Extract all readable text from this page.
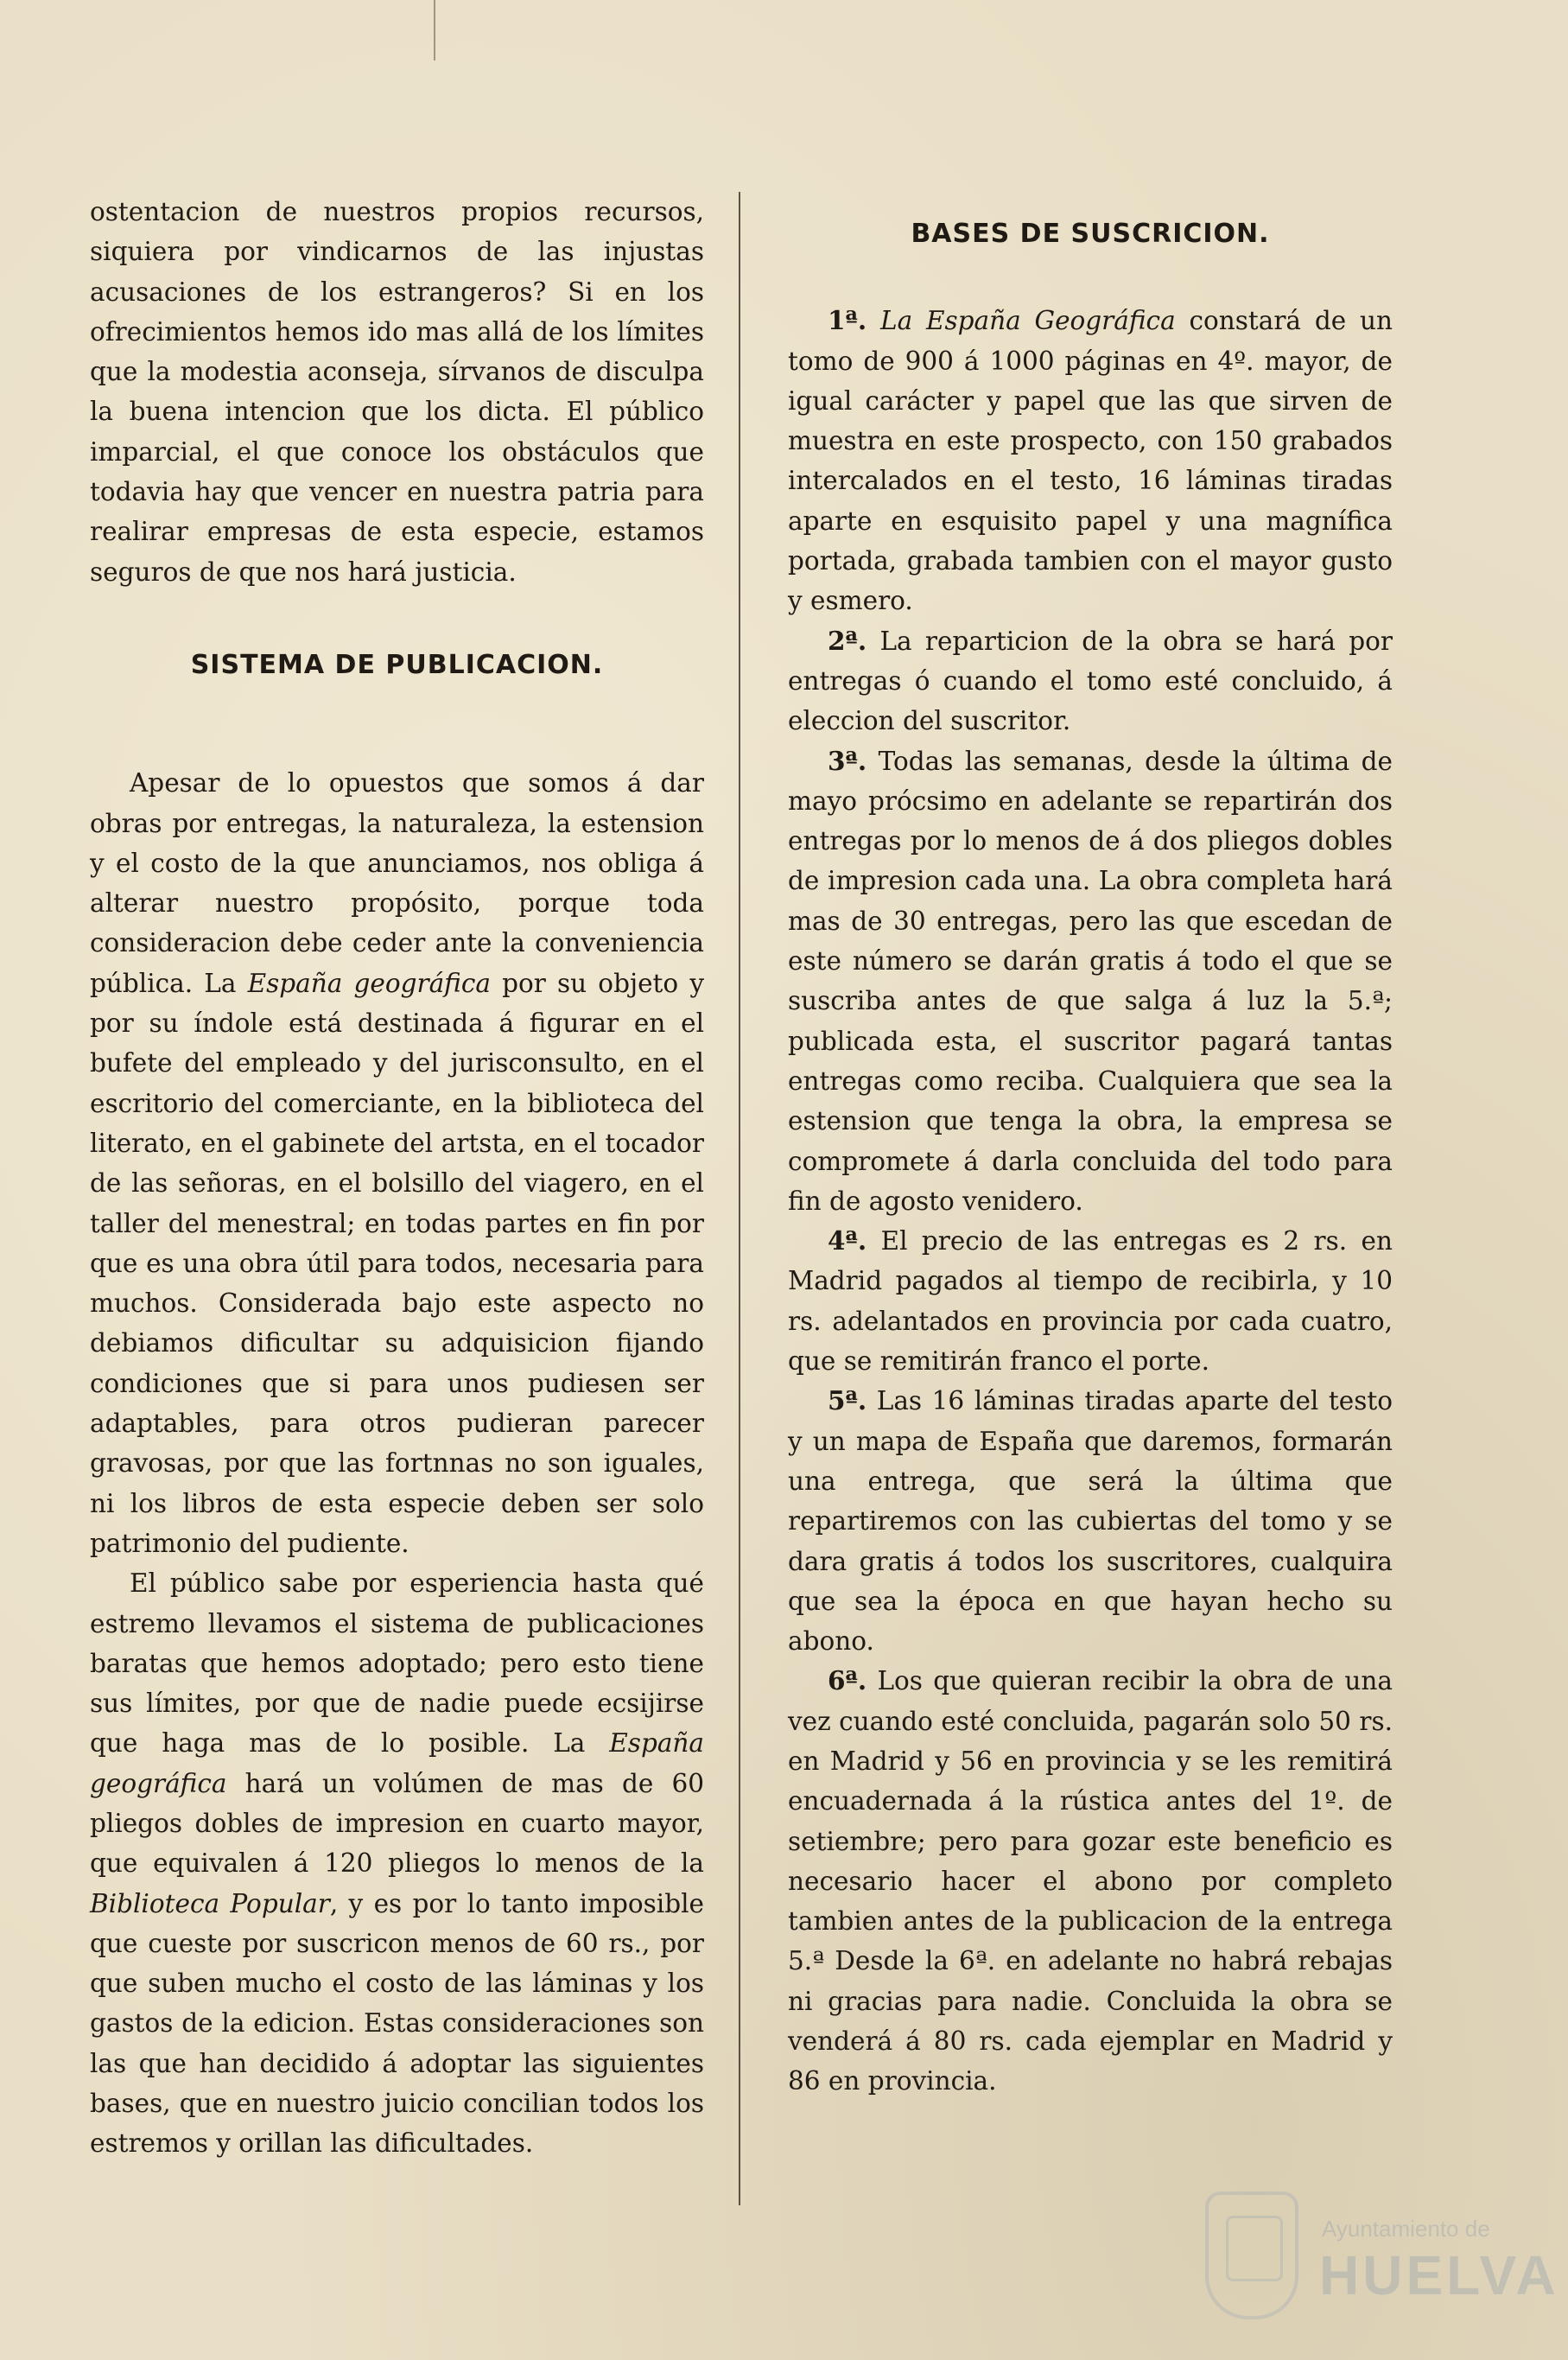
ostentacion de nuestros propios recursos, siquiera por vindicarnos de las injustas acusaciones de los estrangeros? Si en los ofrecimientos hemos ido mas allá de los límites que la modestia aconseja, sírvanos de disculpa la buena intencion que los dicta. El público imparcial, el que conoce los obstáculos que todavia hay que vencer en nuestra patria para realirar empresas de esta especie, estamos seguros de que nos hará justicia.

SISTEMA DE PUBLICACION.

Apesar de lo opuestos que somos á dar obras por entregas, la naturaleza, la estension y el costo de la que anunciamos, nos obliga á alterar nuestro propósito, porque toda consideracion debe ceder ante la conveniencia pública. La España geográfica por su objeto y por su índole está destinada á figurar en el bufete del empleado y del jurisconsulto, en el escritorio del comerciante, en la biblioteca del literato, en el gabinete del artsta, en el tocador de las señoras, en el bolsillo del viagero, en el taller del menestral; en todas partes en fin por que es una obra útil para todos, necesaria para muchos. Considerada bajo este aspecto no debiamos dificultar su adquisicion fijando condiciones que si para unos pudiesen ser adaptables, para otros pudieran parecer gravosas, por que las fortnnas no son iguales, ni los libros de esta especie deben ser solo patrimonio del pudiente.

El público sabe por esperiencia hasta qué estremo llevamos el sistema de publicaciones baratas que hemos adoptado; pero esto tiene sus límites, por que de nadie puede ecsijirse que haga mas de lo posible. La España geográfica hará un volúmen de mas de 60 pliegos dobles de impresion en cuarto mayor, que equivalen á 120 pliegos lo menos de la Biblioteca Popular, y es por lo tanto imposible que cueste por suscricon menos de 60 rs., por que suben mucho el costo de las láminas y los gastos de la edicion. Estas consideraciones son las que han decidido á adoptar las siguientes bases, que en nuestro juicio concilian todos los estremos y orillan las dificultades.

BASES DE SUSCRICION.

1ª. La España Geográfica constará de un tomo de 900 á 1000 páginas en 4º. mayor, de igual carácter y papel que las que sirven de muestra en este prospecto, con 150 grabados intercalados en el testo, 16 láminas tiradas aparte en esquisito papel y una magnífica portada, grabada tambien con el mayor gusto y esmero.

2ª. La reparticion de la obra se hará por entregas ó cuando el tomo esté concluido, á eleccion del suscritor.

3ª. Todas las semanas, desde la última de mayo prócsimo en adelante se repartirán dos entregas por lo menos de á dos pliegos dobles de impresion cada una. La obra completa hará mas de 30 entregas, pero las que escedan de este número se darán gratis á todo el que se suscriba antes de que salga á luz la 5.ª; publicada esta, el suscritor pagará tantas entregas como reciba. Cualquiera que sea la estension que tenga la obra, la empresa se compromete á darla concluida del todo para fin de agosto venidero.

4ª. El precio de las entregas es 2 rs. en Madrid pagados al tiempo de recibirla, y 10 rs. adelantados en provincia por cada cuatro, que se remitirán franco el porte.

5ª. Las 16 láminas tiradas aparte del testo y un mapa de España que daremos, formarán una entrega, que será la última que repartiremos con las cubiertas del tomo y se dara gratis á todos los suscritores, cualquira que sea la época en que hayan hecho su abono.

6ª. Los que quieran recibir la obra de una vez cuando esté concluida, pagarán solo 50 rs. en Madrid y 56 en provincia y se les remitirá encuadernada á la rústica antes del 1º. de setiembre; pero para gozar este beneficio es necesario hacer el abono por completo tambien antes de la publicacion de la entrega 5.ª Desde la 6ª. en adelante no habrá rebajas ni gracias para nadie. Concluida la obra se venderá á 80 rs. cada ejemplar en Madrid y 86 en provincia.

Ayuntamiento de
HUELVA
